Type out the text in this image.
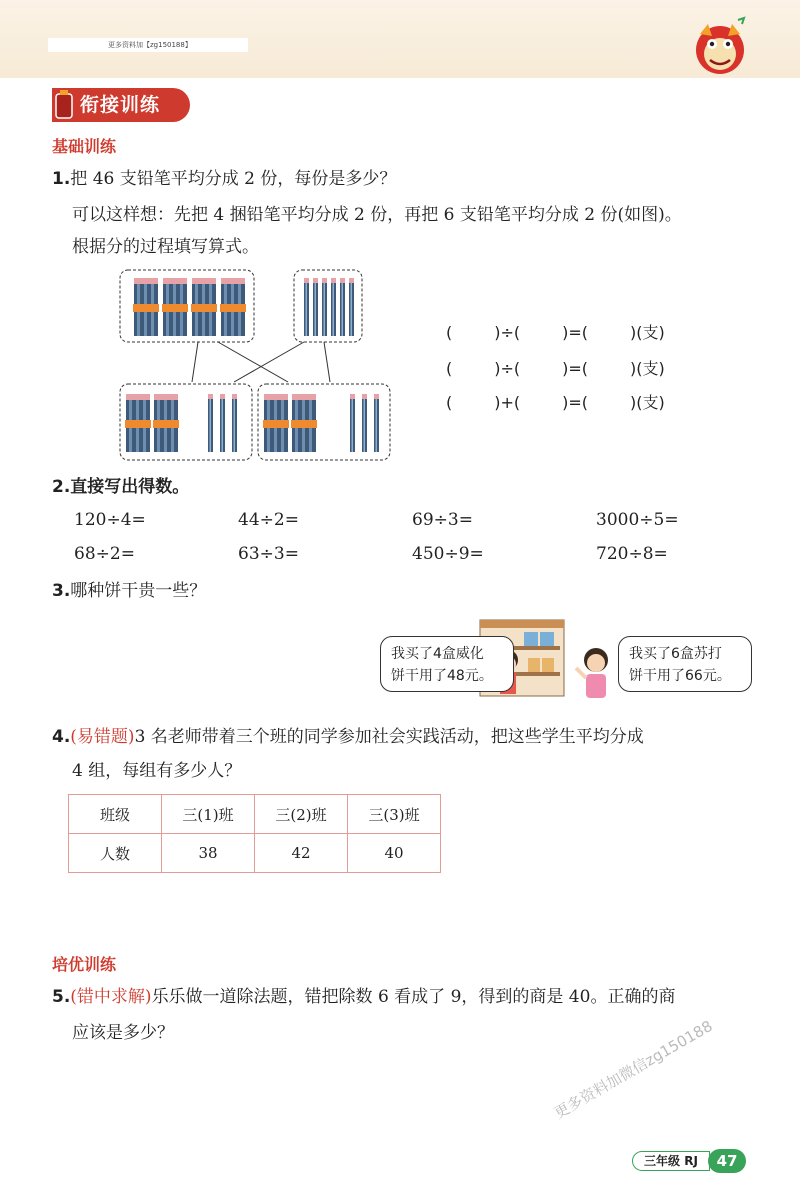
更多资料加【zg150188】
衔接训练
基础训练
1.把 46 支铅笔平均分成 2 份，每份是多少？
可以这样想：先把 4 捆铅笔平均分成 2 份，再把 6 支铅笔平均分成 2 份(如图)。
根据分的过程填写算式。
(	)÷(	)=(	)(支)
(	)÷(	)=(	)(支)
(	)+(	)=(	)(支)
2.直接写出得数。
120÷4=	44÷2=	69÷3=	3000÷5=
68÷2=	63÷3=	450÷9=	720÷8=
3.哪种饼干贵一些？
我买了4盒威化
饼干用了48元。
我买了6盒苏打
饼干用了66元。
4.(易错题)3 名老师带着三个班的同学参加社会实践活动，把这些学生平均分成
4 组，每组有多少人？
班级	三(1)班	三(2)班	三(3)班
人数	38	42	40
培优训练
5.(错中求解)乐乐做一道除法题，错把除数 6 看成了 9，得到的商是 40。正确的商
应该是多少？	更多资料加微信zg150188
三年级 RJ	47
